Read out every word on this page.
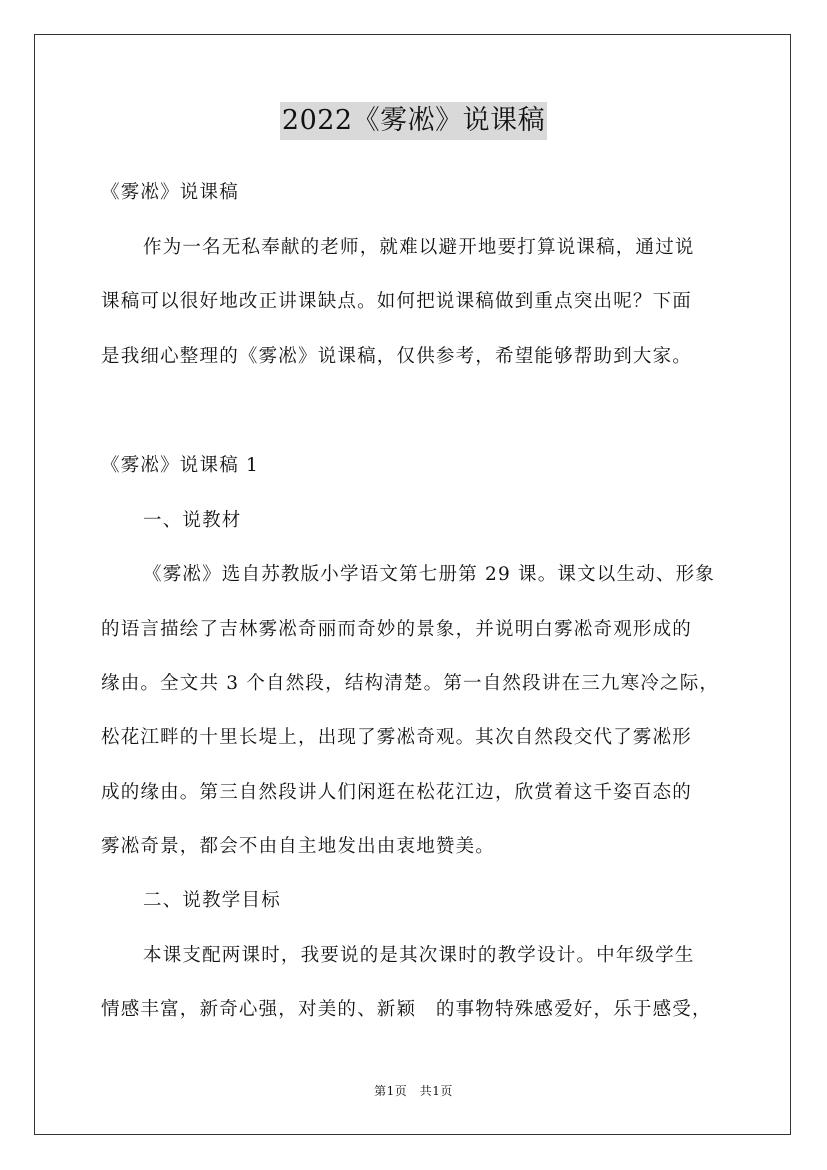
2022《雾凇》说课稿
《雾凇》说课稿
作为一名无私奉献的老师，就难以避开地要打算说课稿，通过说
课稿可以很好地改正讲课缺点。如何把说课稿做到重点突出呢？下面
是我细心整理的《雾凇》说课稿，仅供参考，希望能够帮助到大家。
《雾凇》说课稿 1
一、说教材
《雾凇》选自苏教版小学语文第七册第 29 课。课文以生动、形象
的语言描绘了吉林雾凇奇丽而奇妙的景象，并说明白雾凇奇观形成的
缘由。全文共 3 个自然段，结构清楚。第一自然段讲在三九寒冷之际，
松花江畔的十里长堤上，出现了雾凇奇观。其次自然段交代了雾凇形
成的缘由。第三自然段讲人们闲逛在松花江边，欣赏着这千姿百态的
雾凇奇景，都会不由自主地发出由衷地赞美。
二、说教学目标
本课支配两课时，我要说的是其次课时的教学设计。中年级学生
情感丰富，新奇心强，对美的、新颖　的事物特殊感爱好，乐于感受，
第1页　共1页
